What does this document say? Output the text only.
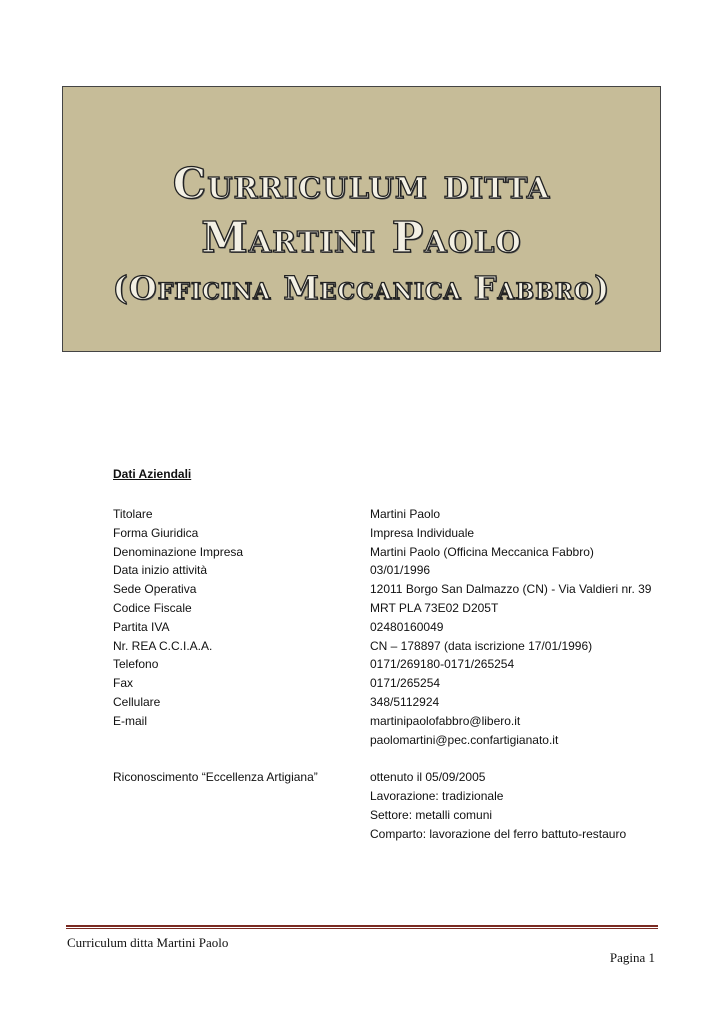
Curriculum ditta
Martini Paolo
(Officina Meccanica Fabbro)
Dati Aziendali
Titolare	Martini Paolo
Forma Giuridica	Impresa Individuale
Denominazione Impresa	Martini Paolo (Officina Meccanica Fabbro)
Data inizio attività	03/01/1996
Sede Operativa	12011 Borgo San Dalmazzo (CN) - Via Valdieri nr. 39
Codice Fiscale	MRT PLA 73E02 D205T
Partita IVA	02480160049
Nr. REA C.C.I.A.A.	CN – 178897 (data iscrizione 17/01/1996)
Telefono	0171/269180-0171/265254
Fax	0171/265254
Cellulare	348/5112924
E-mail	martinipaolofabbro@libero.it
paolomartini@pec.confartigianato.it
Riconoscimento “Eccellenza Artigiana”	ottenuto il 05/09/2005
Lavorazione: tradizionale
Settore: metalli comuni
Comparto: lavorazione del ferro battuto-restauro
Curriculum ditta Martini Paolo
Pagina 1
